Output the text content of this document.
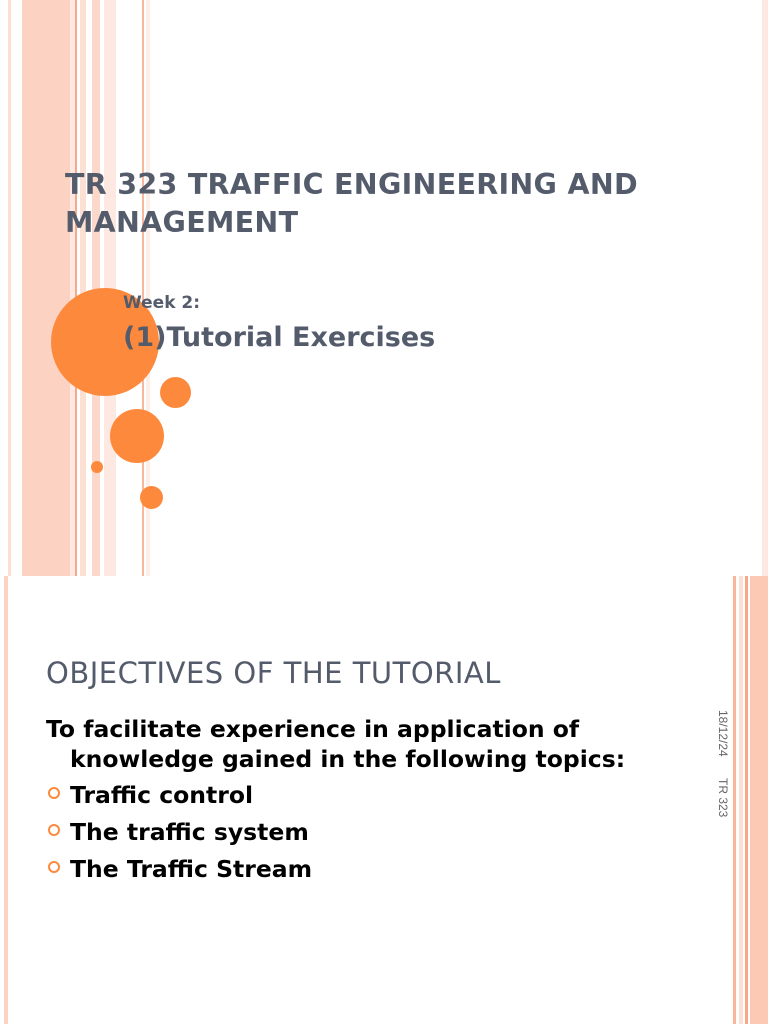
TR 323 TRAFFIC ENGINEERING AND MANAGEMENT
Week 2:
(1)Tutorial Exercises
OBJECTIVES OF THE TUTORIAL

To facilitate experience in application of knowledge gained in the following topics:

Traffic control
The traffic system
The Traffic Stream
18/12/24
TR 323
